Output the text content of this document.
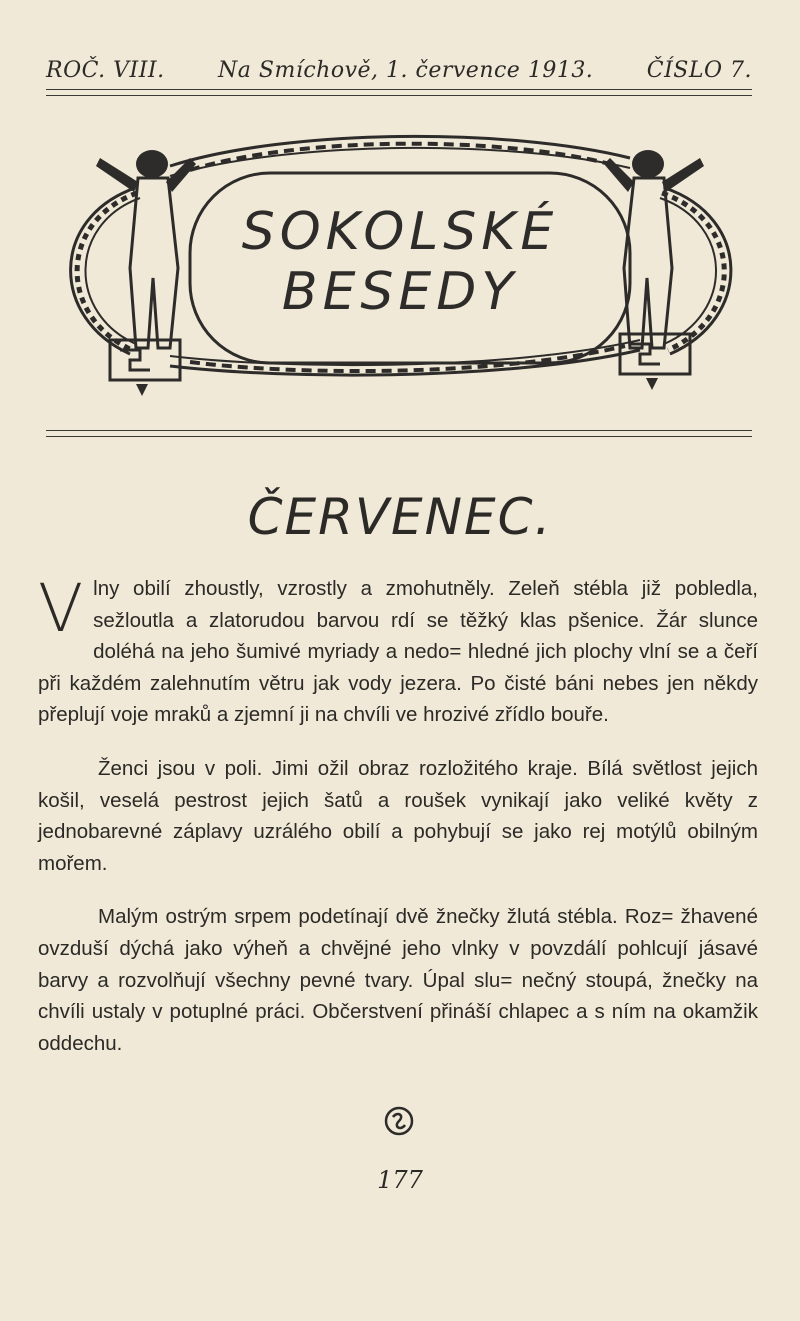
ROČ. VIII. Na Smíchově, 1. července 1913. ČÍSLO 7.
SOKOLSKÉ
BESEDY
ČERVENEC.

Vlny obilí zhoustly, vzrostly a zmohutněly. Zeleň stébla již pobledla, sežloutla a zlatorudou barvou rdí se těžký klas pšenice. Žár slunce doléhá na jeho šumivé myriady a nedo= hledné jich plochy vlní se a čeří při každém zalehnutím větru jak vody jezera. Po čisté báni nebes jen někdy přeplují voje mraků a zjemní ji na chvíli ve hrozivé zřídlo bouře.

Ženci jsou v poli. Jimi ožil obraz rozložitého kraje. Bílá světlost jejich košil, veselá pestrost jejich šatů a roušek vynikají jako veliké květy z jednobarevné záplavy uzrálého obilí a pohybují se jako rej motýlů obilným mořem.

Malým ostrým srpem podetínají dvě žnečky žlutá stébla. Roz= žhavené ovzduší dýchá jako výheň a chvějné jeho vlnky v povzdálí pohlcují jásavé barvy a rozvolňují všechny pevné tvary. Úpal slu= nečný stoupá, žnečky na chvíli ustaly v potuplné práci. Občerstvení přináší chlapec a s ním na okamžik oddechu.

177
